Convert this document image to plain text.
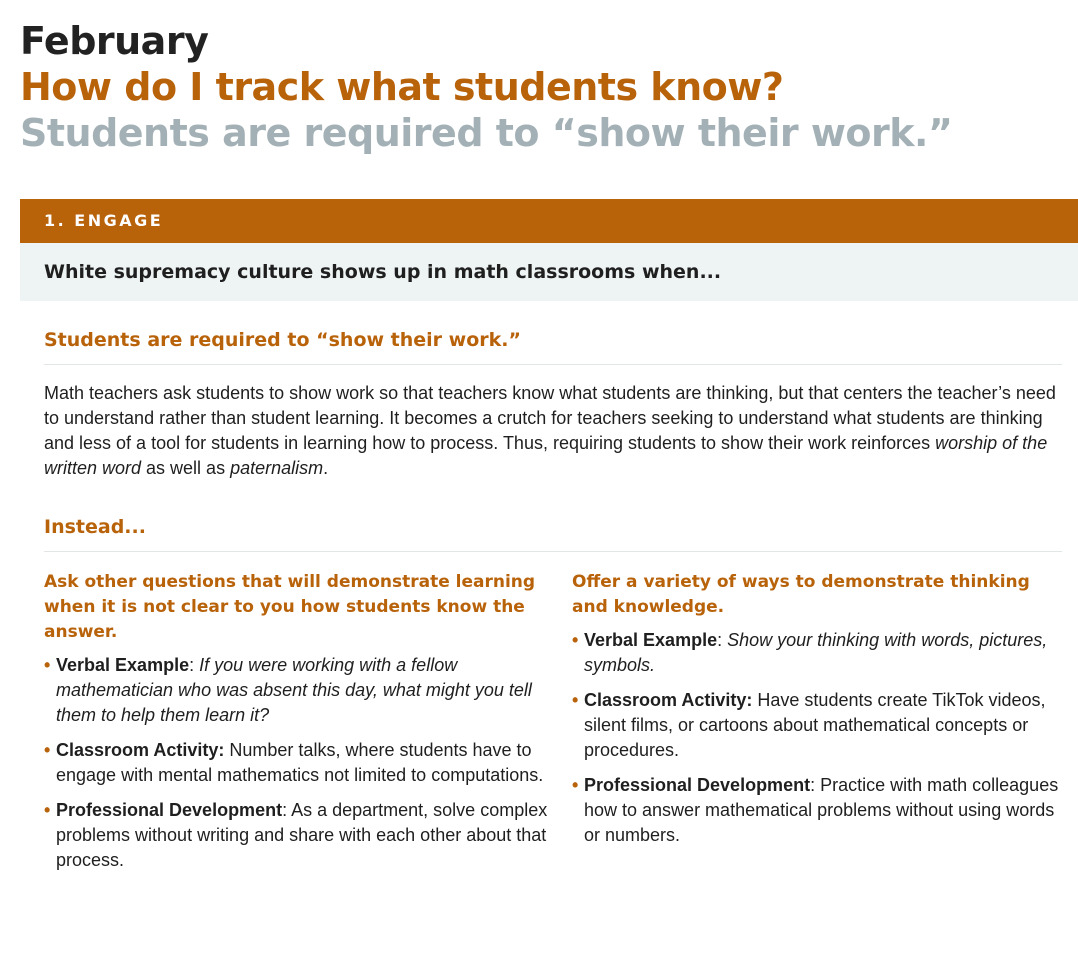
February
How do I track what students know?
Students are required to “show their work.”
1. ENGAGE
White supremacy culture shows up in math classrooms when...
Students are required to “show their work.”

Math teachers ask students to show work so that teachers know what students are thinking, but that centers the teacher’s need to understand rather than student learning. It becomes a crutch for teachers seeking to understand what students are thinking and less of a tool for students in learning how to process. Thus, requiring students to show their work reinforces worship of the written word as well as paternalism.

Instead...
Ask other questions that will demonstrate learning when it is not clear to you how students know the answer.
• Verbal Example: If you were working with a fellow mathematician who was absent this day, what might you tell them to help them learn it?
• Classroom Activity: Number talks, where students have to engage with mental mathematics not limited to computations.
• Professional Development: As a department, solve complex problems without writing and share with each other about that process.
Offer a variety of ways to demonstrate thinking and knowledge.
• Verbal Example: Show your thinking with words, pictures, symbols.
• Classroom Activity: Have students create TikTok videos, silent films, or cartoons about mathematical concepts or procedures.
• Professional Development: Practice with math colleagues how to answer mathematical problems without using words or numbers.
